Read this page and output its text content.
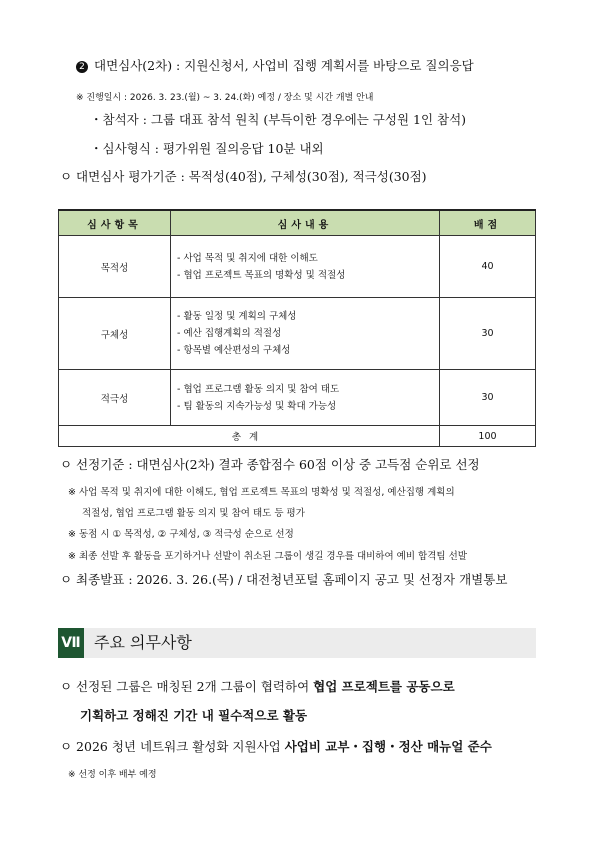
2 대면심사(2차) : 지원신청서, 사업비 집행 계획서를 바탕으로 질의응답
※ 진행일시 : 2026. 3. 23.(월) ~ 3. 24.(화) 예정 / 장소 및 시간 개별 안내
・참석자 : 그룹 대표 참석 원칙 (부득이한 경우에는 구성원 1인 참석)
・심사형식 : 평가위원 질의응답 10분 내외
ㅇ 대면심사 평가기준 : 목적성(40점), 구체성(30점), 적극성(30점)
심사항목	심사내용	배점
목적성	- 사업 목적 및 취지에 대한 이해도
- 협업 프로젝트 목표의 명확성 및 적절성	40
구체성	- 활동 일정 및 계획의 구체성
- 예산 집행계획의 적절성
- 항목별 예산편성의 구체성	30
적극성	- 협업 프로그램 활동 의지 및 참여 태도
- 팀 활동의 지속가능성 및 확대 가능성	30
총계		100
ㅇ 선정기준 : 대면심사(2차) 결과 종합점수 60점 이상 중 고득점 순위로 선정
※ 사업 목적 및 취지에 대한 이해도, 협업 프로젝트 목표의 명확성 및 적절성, 예산집행 계획의
적절성, 협업 프로그램 활동 의지 및 참여 태도 등 평가
※ 동점 시 ① 목적성, ② 구체성, ③ 적극성 순으로 선정
※ 최종 선발 후 활동을 포기하거나 선발이 취소된 그룹이 생길 경우를 대비하여 예비 합격팀 선발
ㅇ 최종발표 : 2026. 3. 26.(목) / 대전청년포털 홈페이지 공고 및 선정자 개별통보
Ⅶ 주요 의무사항
ㅇ 선정된 그룹은 매칭된 2개 그룹이 협력하여 협업 프로젝트를 공동으로
기획하고 정해진 기간 내 필수적으로 활동
ㅇ 2026 청년 네트워크 활성화 지원사업 사업비 교부・집행・정산 매뉴얼 준수
※ 선정 이후 배부 예정
